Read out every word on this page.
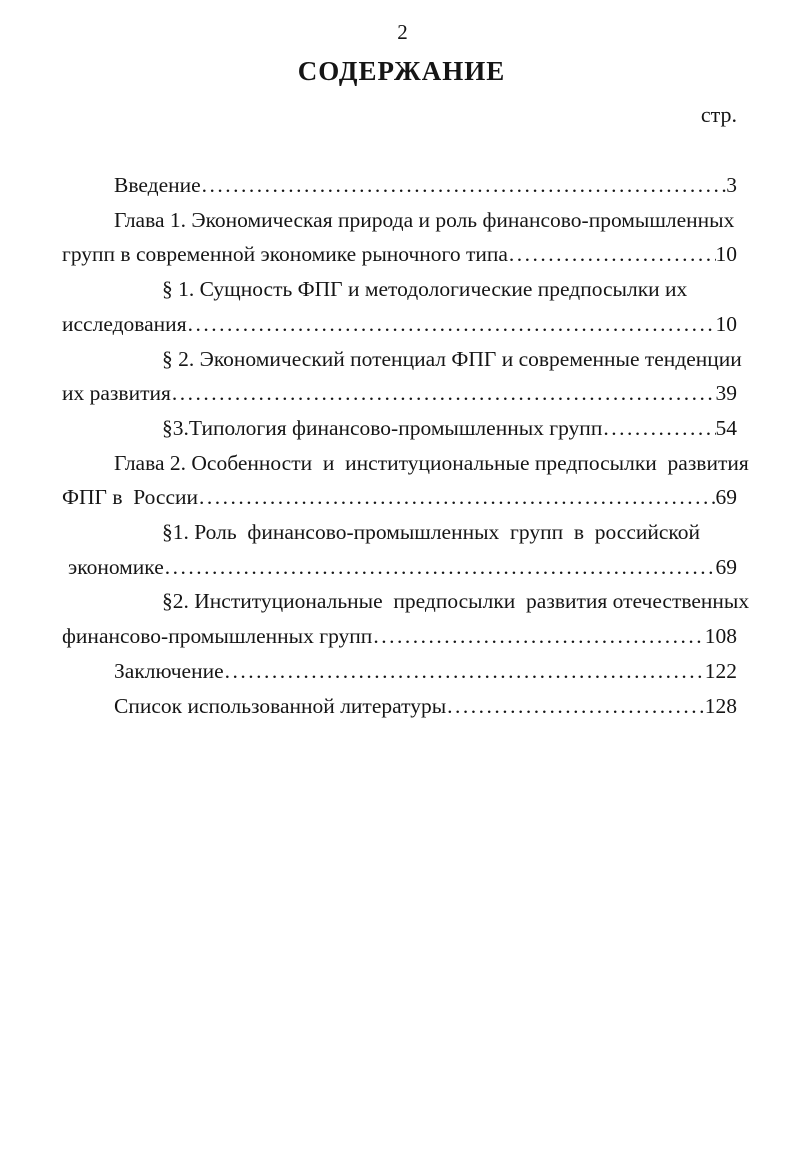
2
СОДЕРЖАНИЕ
стр.
Введение .....	3
Глава 1. Экономическая природа и роль финансово-промышленных
групп в современной экономике рыночного типа .....	10
§ 1. Сущность ФПГ и методологические предпосылки их
исследования .....	10
§ 2. Экономический потенциал ФПГ и современные тенденции
их развития .....	39
§3.Типология финансово-промышленных групп .....	54
Глава 2. Особенности  и  институциональные предпосылки  развития
ФПГ в  России .....	69
§1. Роль  финансово-промышленных  групп  в  российской
экономике .....	69
§2. Институциональные  предпосылки  развития отечественных
финансово-промышленных групп .....	108
Заключение .....	122
Список использованной литературы .....	128
